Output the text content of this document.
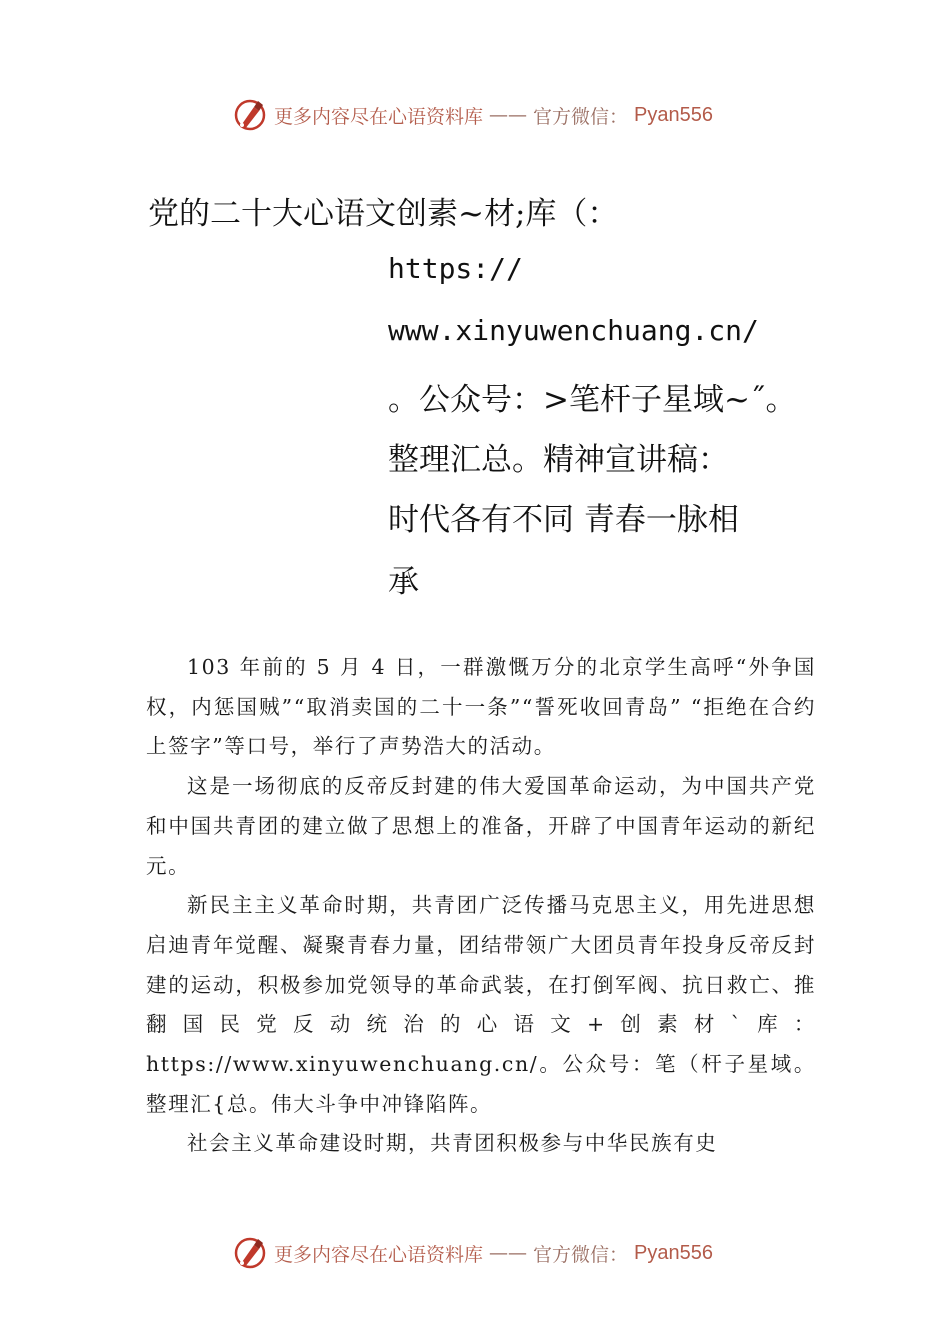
更多内容尽在心语资料库 —— 官方微信： Pyan556
党的二十大心语文创素~材;库（：
https://
www.xinyuwenchuang.cn/
。公众号：>笔杆子星域~˝。
整理汇总。精神宣讲稿：
时代各有不同 青春一脉相
承

103 年前的 5 月 4 日，一群激慨万分的北京学生高呼“外争国权，内惩国贼”“取消卖国的二十一条”“誓死收回青岛” “拒绝在合约上签字”等口号，举行了声势浩大的活动。

这是一场彻底的反帝反封建的伟大爱国革命运动，为中国共产党和中国共青团的建立做了思想上的准备，开辟了中国青年运动的新纪元。

新民主主义革命时期，共青团广泛传播马克思主义，用先进思想启迪青年觉醒、凝聚青春力量，团结带领广大团员青年投身反帝反封建的运动，积极参加党领导的革命武装，在打倒军阀、抗日救亡、推翻国民党反动统治的心语文+创素材`库：https://www.xinyuwenchuang.cn/。公众号：笔（杆子星域。整理汇{总。伟大斗争中冲锋陷阵。

社会主义革命建设时期，共青团积极参与中华民族有史

更多内容尽在心语资料库 —— 官方微信： Pyan556
